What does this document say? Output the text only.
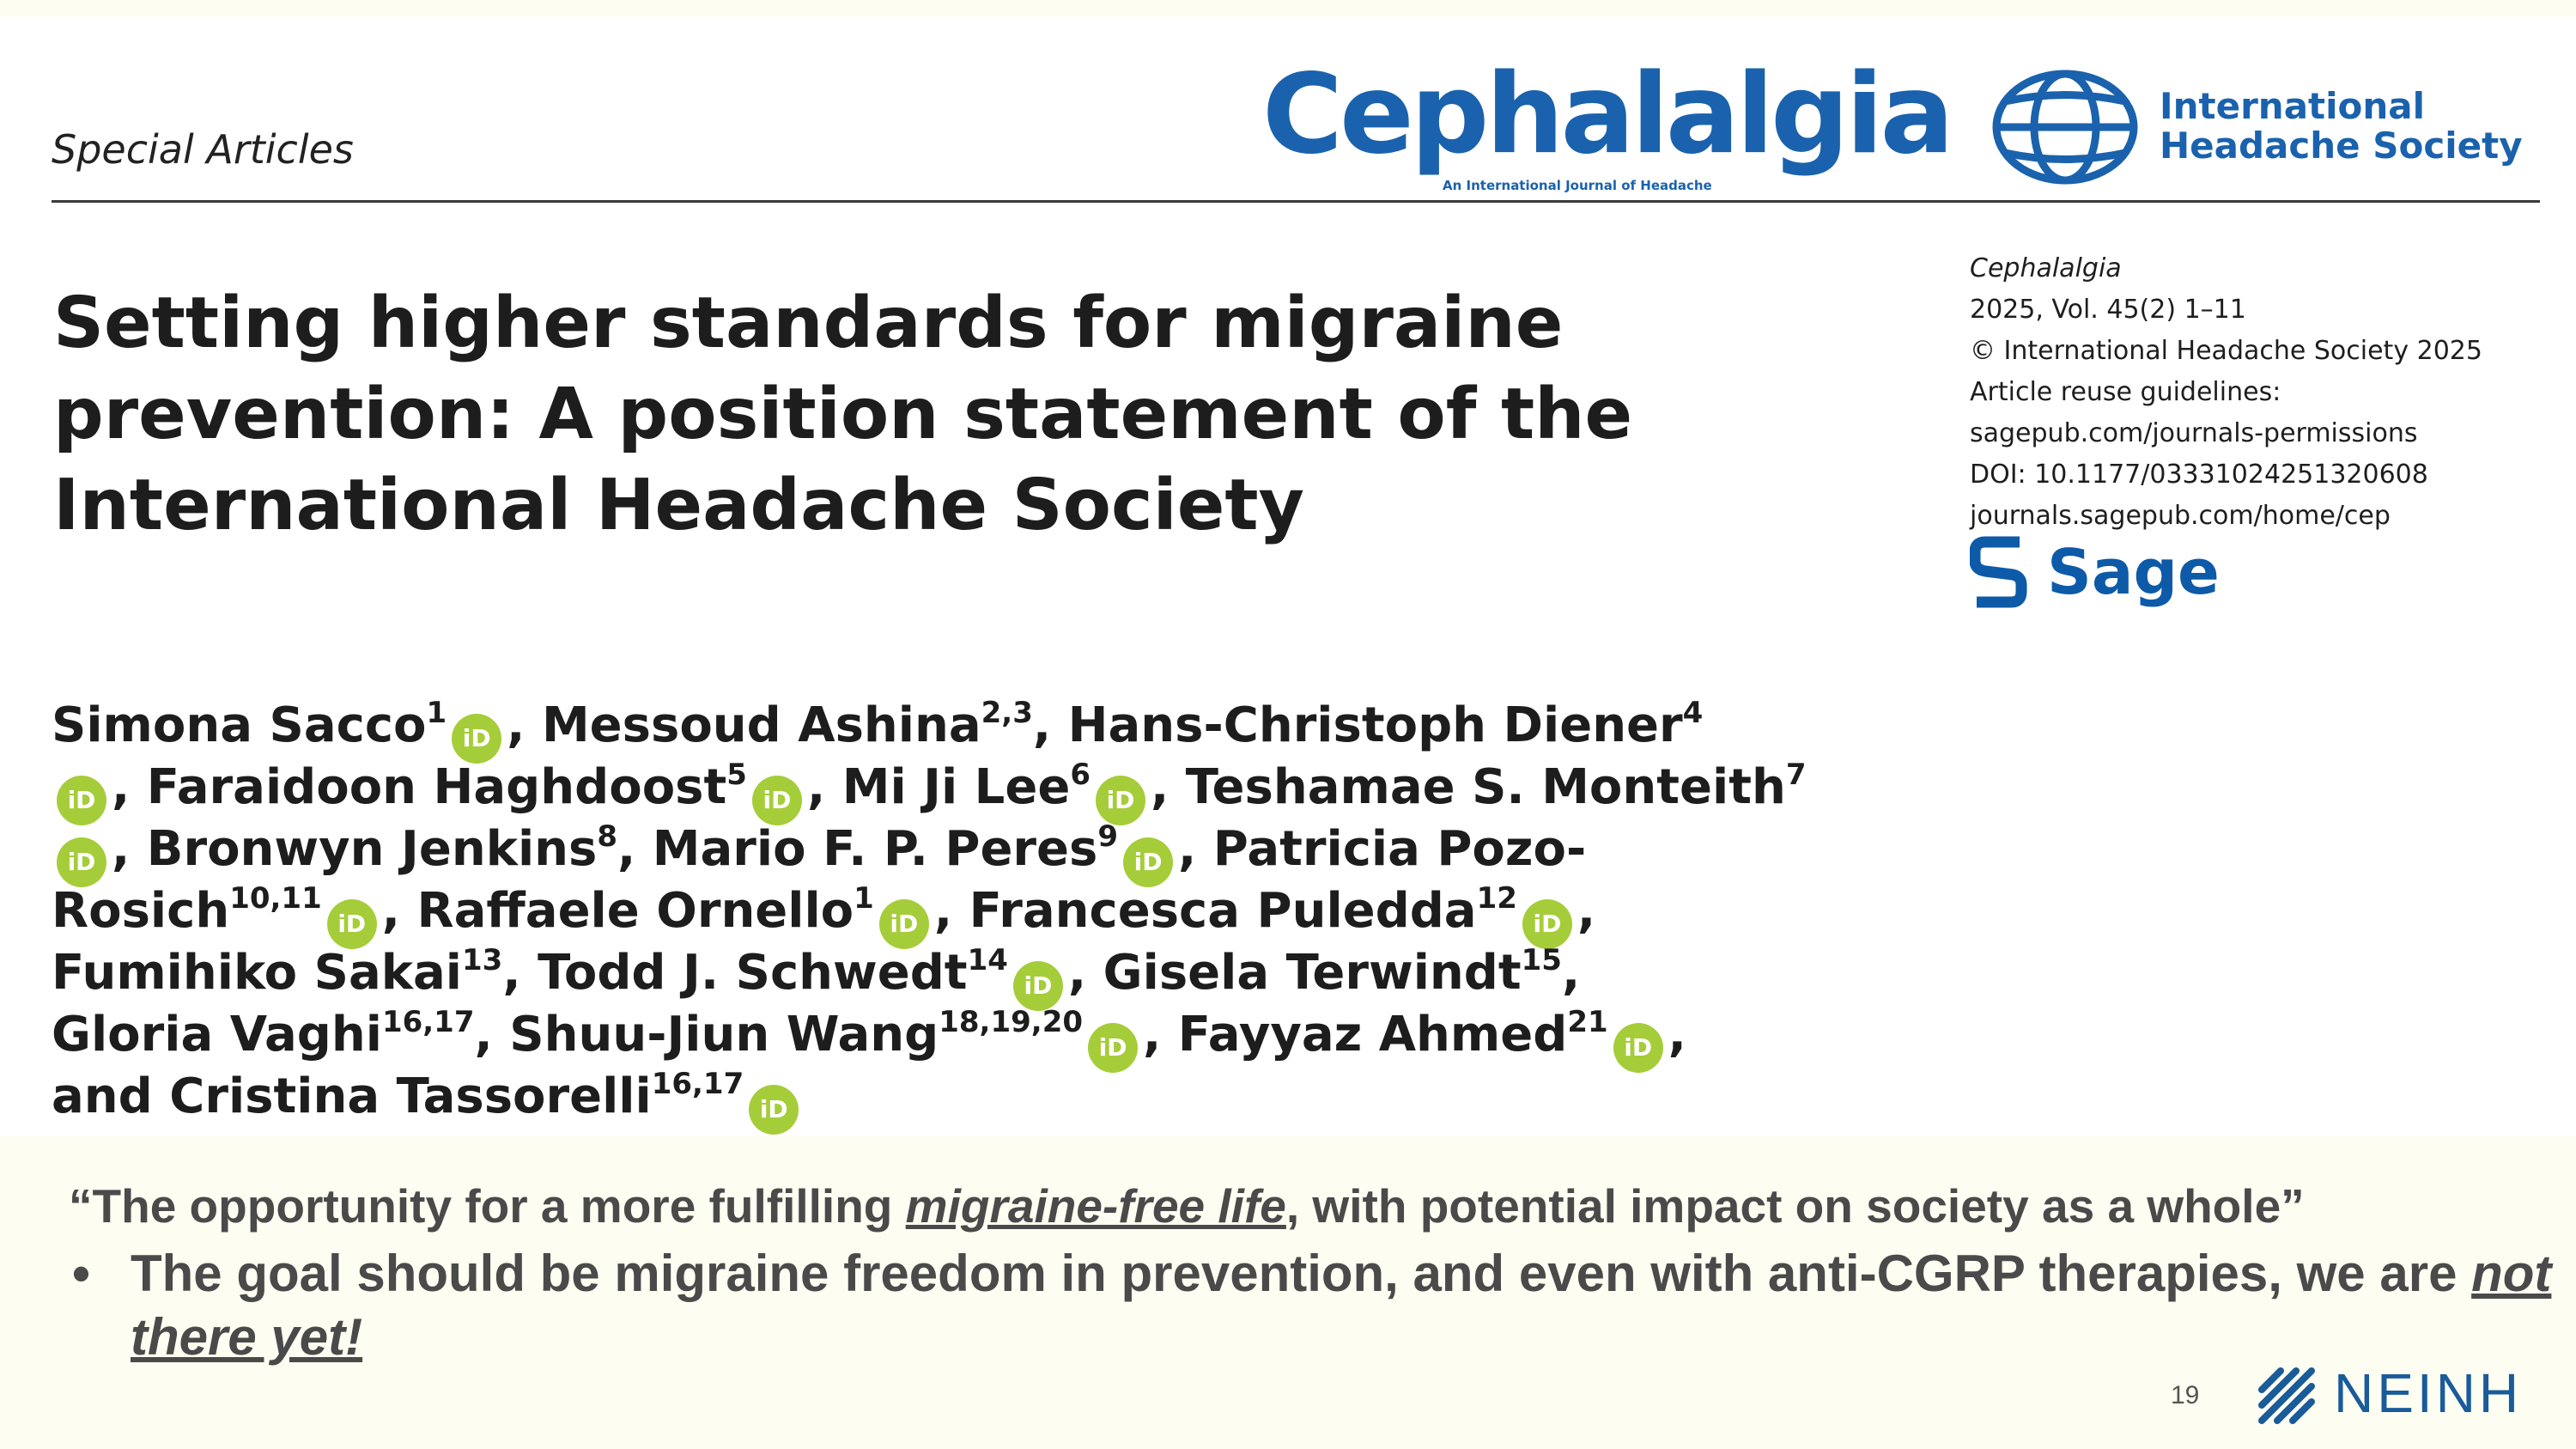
Special Articles	Cephalalgia
An International Journal of Headache
International
Headache Society
Setting higher standards for migraine
prevention: A position statement of the
International Headache Society
Cephalalgia
2025, Vol. 45(2) 1–11
© International Headache Society 2025
Article reuse guidelines:
sagepub.com/journals-permissions
DOI: 10.1177/03331024251320608
journals.sagepub.com/home/cep
Sage
Simona Sacco$^1$iD , Messoud Ashina$^{2,3}$, Hans-Christoph Diener$^4$
iD , Faraidoon Haghdoost$^5$iD , Mi Ji Lee$^6$iD , Teshamae S. Monteith$^7$
iD , Bronwyn Jenkins$^8$, Mario F. P. Peres$^9$iD , Patricia Pozo-
Rosich$^{10,11}$iD , Raffaele Ornello$^1$iD , Francesca Puledda$^{12}$iD ,
Fumihiko Sakai$^{13}$, Todd J. Schwedt$^{14}$iD , Gisela Terwindt$^{15}$,
Gloria Vaghi$^{16,17}$, Shuu-Jiun Wang$^{18,19,20}$iD , Fayyaz Ahmed$^{21}$iD ,
and Cristina Tassorelli$^{16,17}$iD
“The opportunity for a more fulfilling migraine-free life, with potential impact on society as a whole”
• The goal should be migraine freedom in prevention, and even with anti-CGRP therapies, we are not there yet!
19 NEINH
